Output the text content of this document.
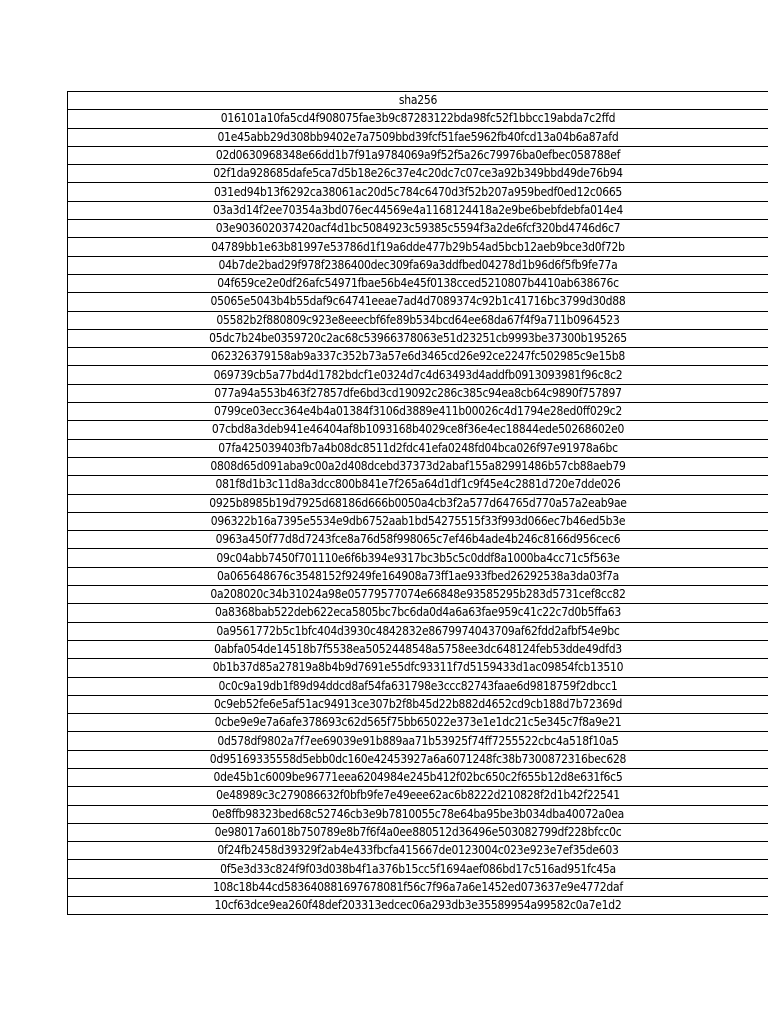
sha256
016101a10fa5cd4f908075fae3b9c87283122bda98fc52f1bbcc19abda7c2ffd
01e45abb29d308bb9402e7a7509bbd39fcf51fae5962fb40fcd13a04b6a87afd
02d0630968348e66dd1b7f91a9784069a9f52f5a26c79976ba0efbec058788ef
02f1da928685dafe5ca7d5b18e26c37e4c20dc7c07ce3a92b349bbd49de76b94
031ed94b13f6292ca38061ac20d5c784c6470d3f52b207a959bedf0ed12c0665
03a3d14f2ee70354a3bd076ec44569e4a1168124418a2e9be6bebfdebfa014e4
03e903602037420acf4d1bc5084923c59385c5594f3a2de6fcf320bd4746d6c7
04789bb1e63b81997e53786d1f19a6dde477b29b54ad5bcb12aeb9bce3d0f72b
04b7de2bad29f978f2386400dec309fa69a3ddfbed04278d1b96d6f5fb9fe77a
04f659ce2e0df26afc54971fbae56b4e45f0138cced5210807b4410ab638676c
05065e5043b4b55daf9c64741eeae7ad4d7089374c92b1c41716bc3799d30d88
05582b2f880809c923e8eeecbf6fe89b534bcd64ee68da67f4f9a711b0964523
05dc7b24be0359720c2ac68c53966378063e51d23251cb9993be37300b195265
062326379158ab9a337c352b73a57e6d3465cd26e92ce2247fc502985c9e15b8
069739cb5a77bd4d1782bdcf1e0324d7c4d63493d4addfb0913093981f96c8c2
077a94a553b463f27857dfe6bd3cd19092c286c385c94ea8cb64c9890f757897
0799ce03ecc364e4b4a01384f3106d3889e411b00026c4d1794e28ed0ff029c2
07cbd8a3deb941e46404af8b1093168b4029ce8f36e4ec18844ede50268602e0
07fa425039403fb7a4b08dc8511d2fdc41efa0248fd04bca026f97e91978a6bc
0808d65d091aba9c00a2d408dcebd37373d2abaf155a82991486b57cb88aeb79
081f8d1b3c11d8a3dcc800b841e7f265a64d1df1c9f45e4c2881d720e7dde026
0925b8985b19d7925d68186d666b0050a4cb3f2a577d64765d770a57a2eab9ae
096322b16a7395e5534e9db6752aab1bd54275515f33f993d066ec7b46ed5b3e
0963a450f77d8d7243fce8a76d58f998065c7ef46b4ade4b246c8166d956cec6
09c04abb7450f701110e6f6b394e9317bc3b5c5c0ddf8a1000ba4cc71c5f563e
0a065648676c3548152f9249fe164908a73ff1ae933fbed26292538a3da03f7a
0a208020c34b31024a98e05779577074e66848e93585295b283d5731cef8cc82
0a8368bab522deb622eca5805bc7bc6da0d4a6a63fae959c41c22c7d0b5ffa63
0a9561772b5c1bfc404d3930c4842832e8679974043709af62fdd2afbf54e9bc
0abfa054de14518b7f5538ea5052448548a5758ee3dc648124feb53dde49dfd3
0b1b37d85a27819a8b4b9d7691e55dfc93311f7d5159433d1ac09854fcb13510
0c0c9a19db1f89d94ddcd8af54fa631798e3ccc82743faae6d9818759f2dbcc1
0c9eb52fe6e5af51ac94913ce307b2f8b45d22b882d4652cd9cb188d7b72369d
0cbe9e9e7a6afe378693c62d565f75bb65022e373e1e1dc21c5e345c7f8a9e21
0d578df9802a7f7ee69039e91b889aa71b53925f74ff7255522cbc4a518f10a5
0d95169335558d5ebb0dc160e42453927a6a6071248fc38b7300872316bec628
0de45b1c6009be96771eea6204984e245b412f02bc650c2f655b12d8e631f6c5
0e48989c3c279086632f0bfb9fe7e49eee62ac6b8222d210828f2d1b42f22541
0e8ffb98323bed68c52746cb3e9b7810055c78e64ba95be3b034dba40072a0ea
0e98017a6018b750789e8b7f6f4a0ee880512d36496e503082799df228bfcc0c
0f24fb2458d39329f2ab4e433fbcfa415667de0123004c023e923e7ef35de603
0f5e3d33c824f9f03d038b4f1a376b15cc5f1694aef086bd17c516ad951fc45a
108c18b44cd583640881697678081f56c7f96a7a6e1452ed073637e9e4772daf
10cf63dce9ea260f48def203313edcec06a293db3e35589954a99582c0a7e1d2
